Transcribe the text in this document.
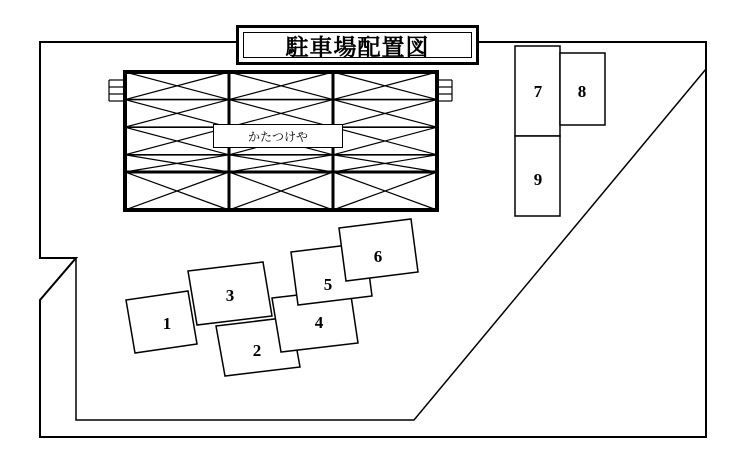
駐車場配置図
かたつけや
1
2
3
4
5
6
7 8
9
